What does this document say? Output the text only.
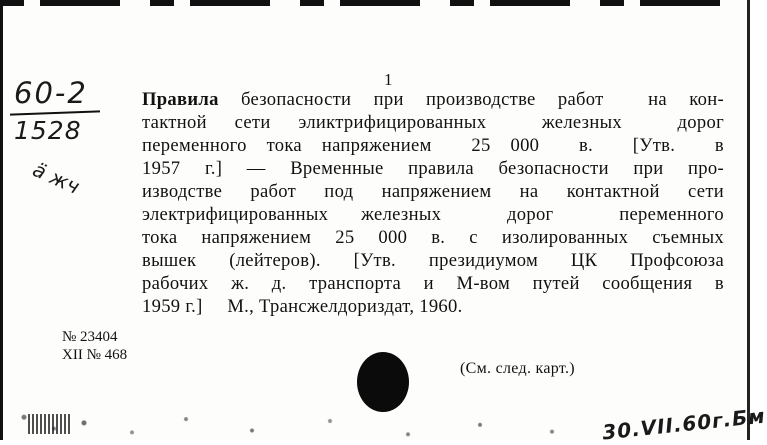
60-2
1528
ä жч
1
Правила безопасности при производстве работ  на кон-
тактной сети эликтрифицированных  железных  дорог
переменного тока напряжением  25 000  в.  [Утв.  в
1957 г.] — Временные правила безопасности при про-
изводстве работ под напряжением на контактной сети
электрифицированных железных  дорог  переменного
тока напряжением 25 000 в. с изолированных съемных
вышек (лейтеров). [Утв. президиумом ЦК Профсоюза
рабочих ж. д. транспорта и М-вом путей сообщения в
1959 г.]     М., Трансжелдориздат, 1960.
№ 23404
XII № 468
(См. след. карт.)
30.VII.60г.Бм
